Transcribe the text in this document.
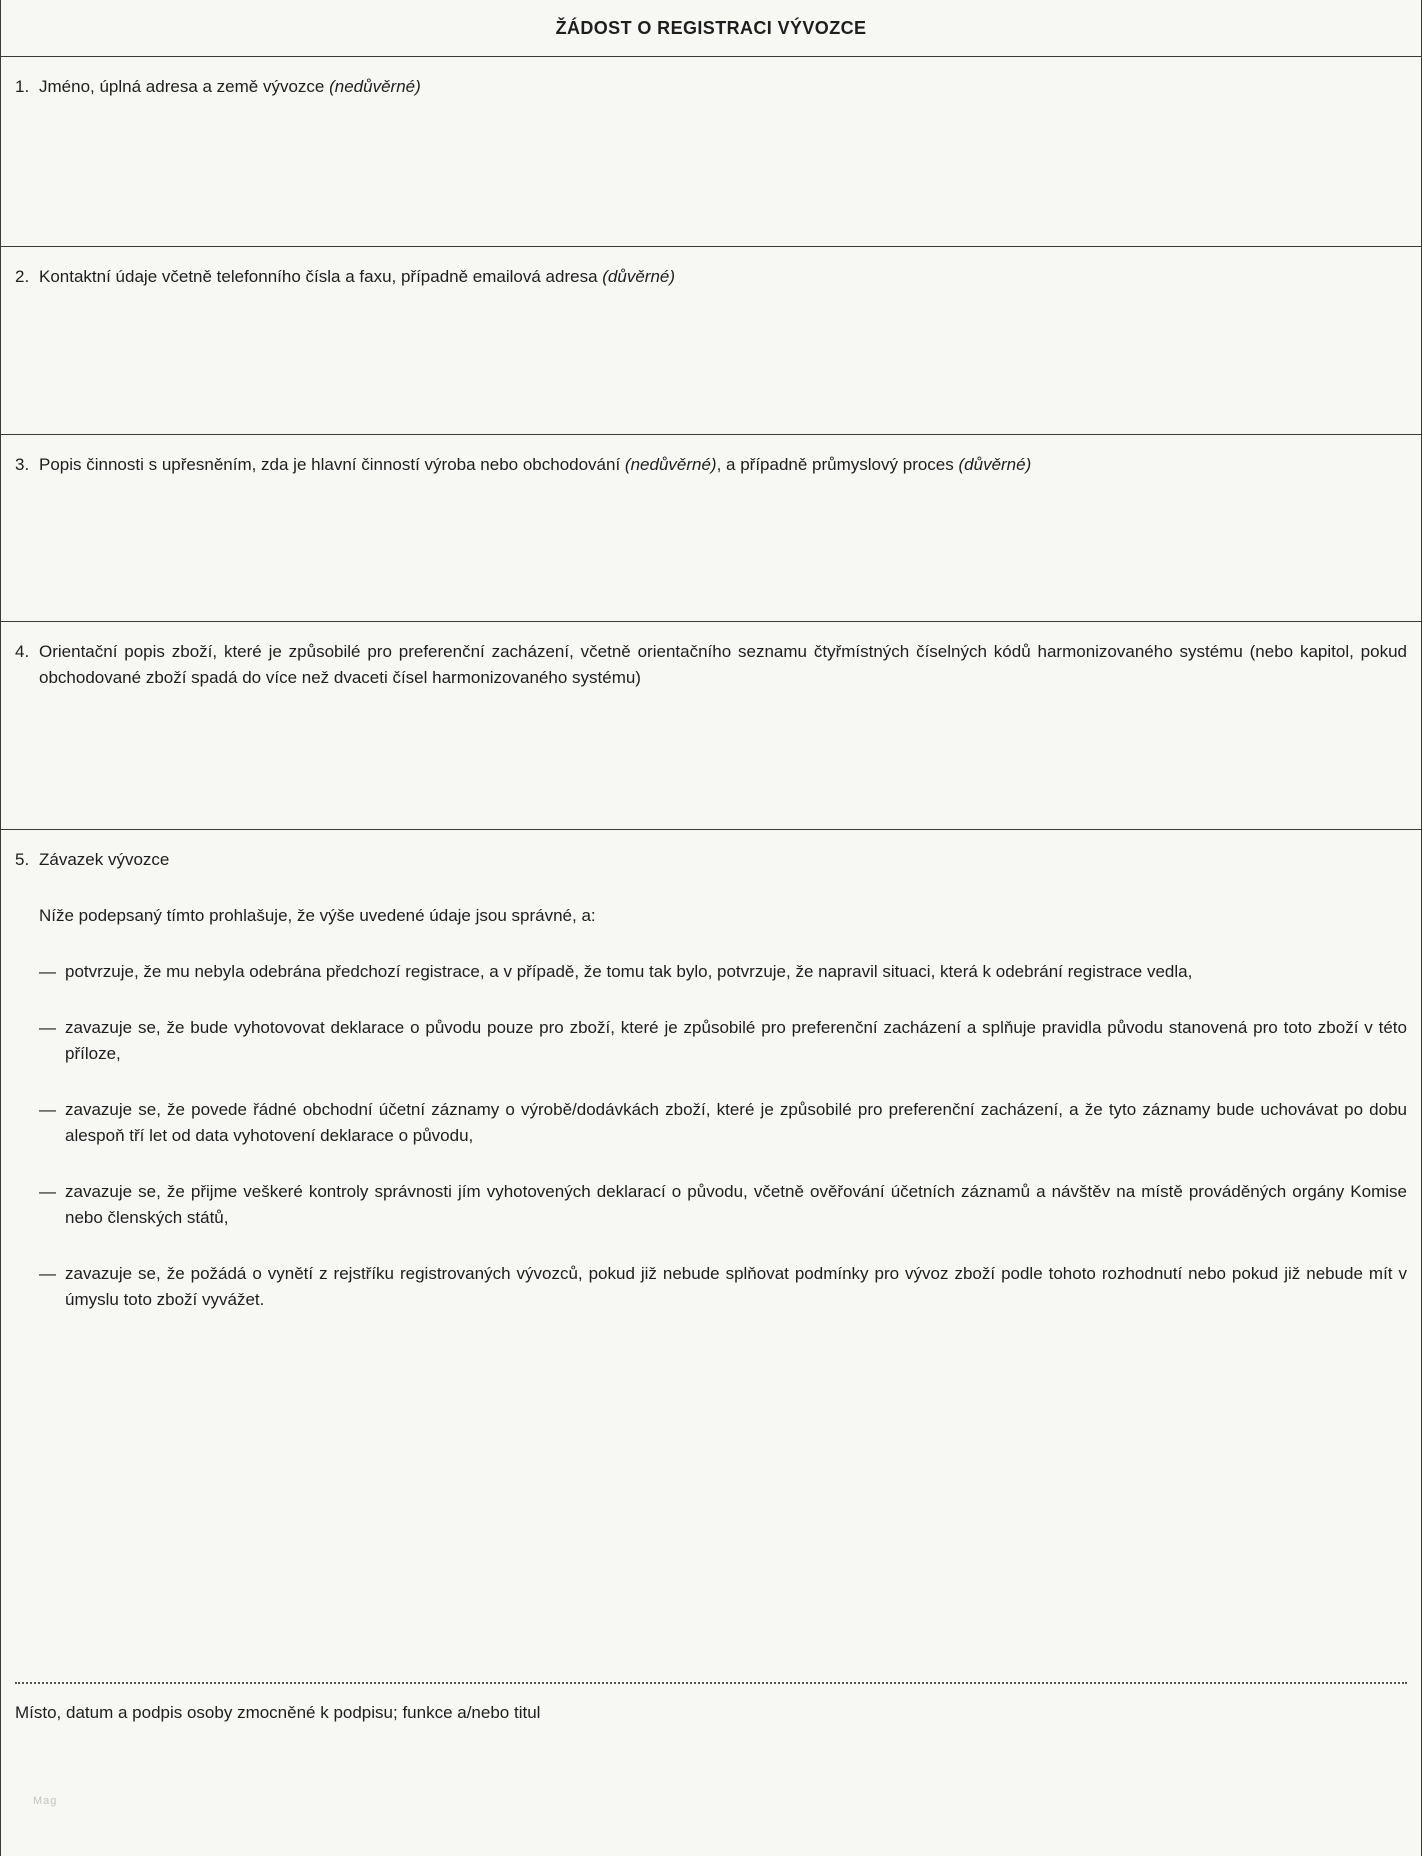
ŽÁDOST O REGISTRACI VÝVOZCE
1. Jméno, úplná adresa a země vývozce (nedůvěrné)

2. Kontaktní údaje včetně telefonního čísla a faxu, případně emailová adresa (důvěrné)

3. Popis činnosti s upřesněním, zda je hlavní činností výroba nebo obchodování (nedůvěrné), a případně průmyslový proces (důvěrné)

4. Orientační popis zboží, které je způsobilé pro preferenční zacházení, včetně orientačního seznamu čtyřmístných číselných kódů harmonizovaného systému (nebo kapitol, pokud obchodované zboží spadá do více než dvaceti čísel harmonizovaného systému)

5. Závazek vývozce

Níže podepsaný tímto prohlašuje, že výše uvedené údaje jsou správné, a:

— potvrzuje, že mu nebyla odebrána předchozí registrace, a v případě, že tomu tak bylo, potvrzuje, že napravil situaci, která k odebrání registrace vedla,

— zavazuje se, že bude vyhotovovat deklarace o původu pouze pro zboží, které je způsobilé pro preferenční zacházení a splňuje pravidla původu stanovená pro toto zboží v této příloze,

— zavazuje se, že povede řádné obchodní účetní záznamy o výrobě/dodávkách zboží, které je způsobilé pro preferenční zacházení, a že tyto záznamy bude uchovávat po dobu alespoň tří let od data vyhotovení deklarace o původu,

— zavazuje se, že přijme veškeré kontroly správnosti jím vyhotovených deklarací o původu, včetně ověřování účetních záznamů a návštěv na místě prováděných orgány Komise nebo členských států,

— zavazuje se, že požádá o vynětí z rejstříku registrovaných vývozců, pokud již nebude splňovat podmínky pro vývoz zboží podle tohoto rozhodnutí nebo pokud již nebude mít v úmyslu toto zboží vyvážet.

Místo, datum a podpis osoby zmocněné k podpisu; funkce a/nebo titul

Mag
